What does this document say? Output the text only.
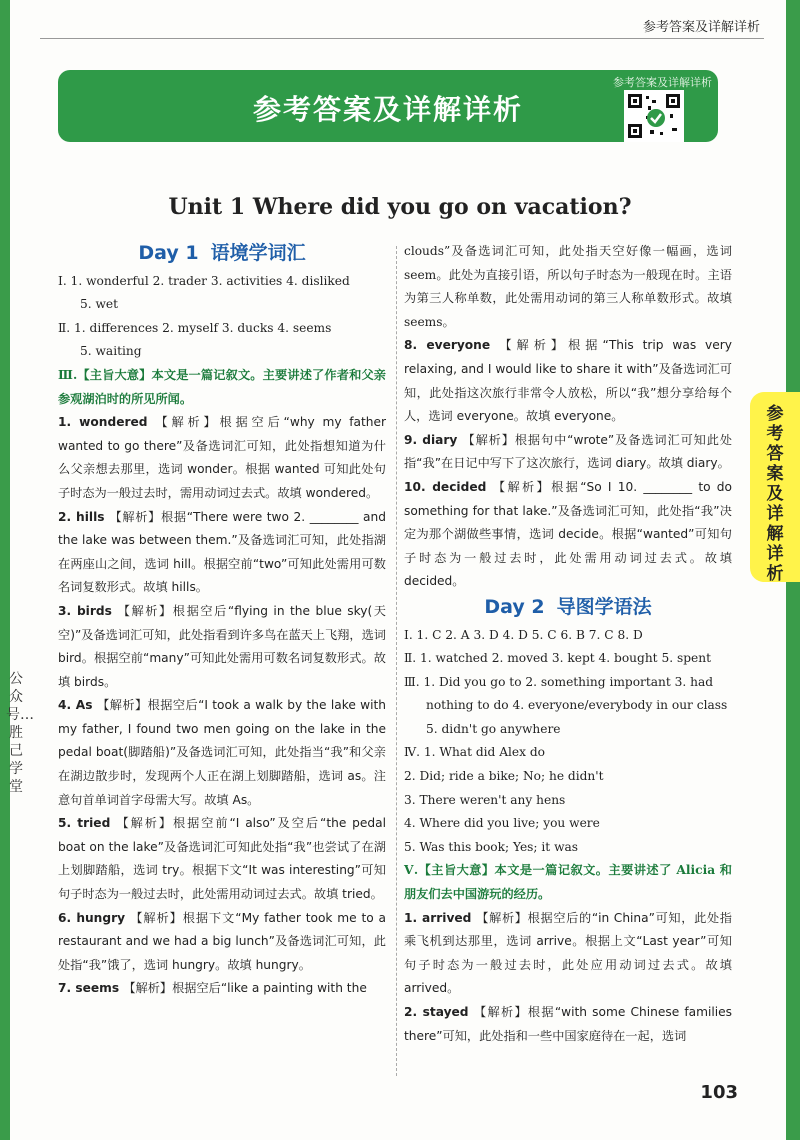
参考答案及详解详析
参考答案及详解详析
参考答案及详解详析
Unit 1 Where did you go on vacation?
Day 1 语境学词汇
Ⅰ. 1. wonderful 2. trader 3. activities 4. disliked
5. wet
Ⅱ. 1. differences 2. myself 3. ducks 4. seems
5. waiting
Ⅲ.【主旨大意】本文是一篇记叙文。主要讲述了作者和父亲参观湖泊时的所见所闻。
1. wondered 【解析】根据空后“why my father wanted to go there”及备选词汇可知，此处指想知道为什么父亲想去那里，选词 wonder。根据 wanted 可知此处句子时态为一般过去时，需用动词过去式。故填 wondered。
2. hills 【解析】根据“There were two 2. ________ and the lake was between them.”及备选词汇可知，此处指湖在两座山之间，选词 hill。根据空前“two”可知此处需用可数名词复数形式。故填 hills。
3. birds 【解析】根据空后“flying in the blue sky(天空)”及备选词汇可知，此处指看到许多鸟在蓝天上飞翔，选词 bird。根据空前“many”可知此处需用可数名词复数形式。故填 birds。
4. As 【解析】根据空后“I took a walk by the lake with my father, I found two men going on the lake in the pedal boat(脚踏船)”及备选词汇可知，此处指当“我”和父亲在湖边散步时，发现两个人正在湖上划脚踏船，选词 as。注意句首单词首字母需大写。故填 As。
5. tried 【解析】根据空前“I also”及空后“the pedal boat on the lake”及备选词汇可知此处指“我”也尝试了在湖上划脚踏船，选词 try。根据下文“It was interesting”可知句子时态为一般过去时，此处需用动词过去式。故填 tried。
6. hungry 【解析】根据下文“My father took me to a restaurant and we had a big lunch”及备选词汇可知，此处指“我”饿了，选词 hungry。故填 hungry。
7. seems 【解析】根据空后“like a painting with the
clouds”及备选词汇可知，此处指天空好像一幅画，选词 seem。此处为直接引语，所以句子时态为一般现在时。主语为第三人称单数，此处需用动词的第三人称单数形式。故填 seems。
8. everyone 【解析】根据“This trip was very relaxing, and I would like to share it with”及备选词汇可知，此处指这次旅行非常令人放松，所以“我”想分享给每个人，选词 everyone。故填 everyone。
9. diary 【解析】根据句中“wrote”及备选词汇可知此处指“我”在日记中写下了这次旅行，选词 diary。故填 diary。
10. decided 【解析】根据“So I 10. ________ to do something for that lake.”及备选词汇可知，此处指“我”决定为那个湖做些事情，选词 decide。根据“wanted”可知句子时态为一般过去时，此处需用动词过去式。故填 decided。
Day 2 导图学语法
Ⅰ. 1. C 2. A 3. D 4. D 5. C 6. B 7. C 8. D
Ⅱ. 1. watched 2. moved 3. kept 4. bought 5. spent
Ⅲ. 1. Did you go to 2. something important 3. had
nothing to do 4. everyone/everybody in our class
5. didn't go anywhere
Ⅳ. 1. What did Alex do
2. Did; ride a bike; No; he didn't
3. There weren't any hens
4. Where did you live; you were
5. Was this book; Yes; it was
Ⅴ.【主旨大意】本文是一篇记叙文。主要讲述了 Alicia 和朋友们去中国游玩的经历。
1. arrived 【解析】根据空后的“in China”可知，此处指乘飞机到达那里，选词 arrive。根据上文“Last year”可知句子时态为一般过去时，此处应用动词过去式。故填 arrived。
2. stayed 【解析】根据“with some Chinese families there”可知，此处指和一些中国家庭待在一起，选词
参考答案及详解详析
公众号…胜己学堂
103
